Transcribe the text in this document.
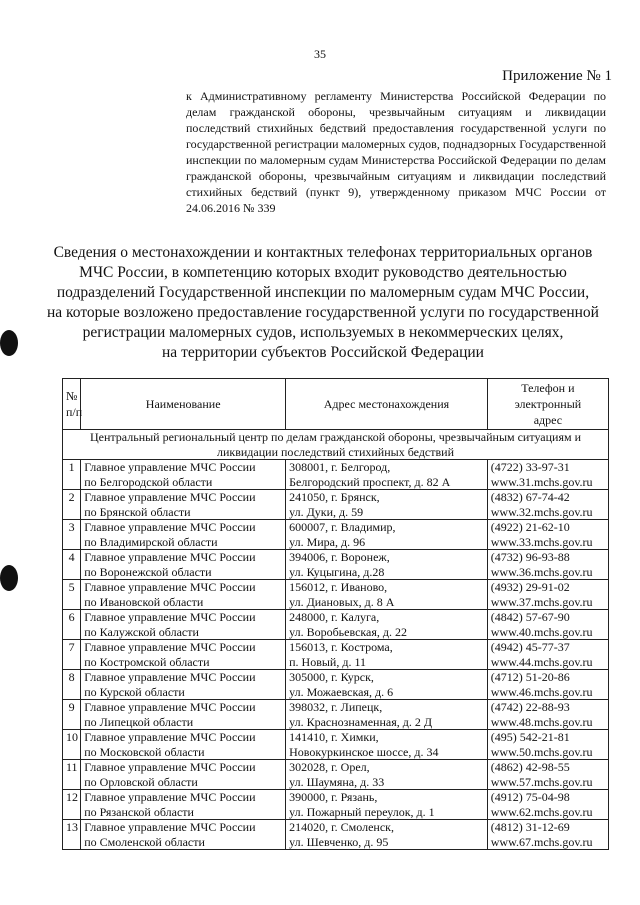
35
Приложение № 1
к Административному регламенту Министерства Российской Федерации по делам гражданской обороны, чрезвычайным ситуациям и ликвидации последствий стихийных бедствий предоставления государственной услуги по государственной регистрации маломерных судов, поднадзорных Государственной инспекции по маломерным судам Министерства Российской Федерации по делам гражданской обороны, чрезвычайным ситуациям и ликвидации последствий стихийных бедствий (пункт 9), утвержденному приказом МЧС России от 24.06.2016 № 339
Сведения о местонахождении и контактных телефонах территориальных органов
МЧС России, в компетенцию которых входит руководство деятельностью
подразделений Государственной инспекции по маломерным судам МЧС России,
на которые возложено предоставление государственной услуги по государственной
регистрации маломерных судов, используемых в некоммерческих целях,
на территории субъектов Российской Федерации
№
п/п	Наименование	Адрес местонахождения	Телефон и
электронный
адрес

Центральный региональный центр по делам гражданской обороны, чрезвычайным ситуациям и
ликвидации последствий стихийных бедствий			

1	Главное управление МЧС России
по Белгородской области	308001, г. Белгород,
Белгородский проспект, д. 82 А	(4722) 33-97-31
www.31.mchs.gov.ru

2	Главное управление МЧС России
по Брянской области	241050, г. Брянск,
ул. Дуки, д. 59	(4832) 67-74-42
www.32.mchs.gov.ru

3	Главное управление МЧС России
по Владимирской области	600007, г. Владимир,
ул. Мира, д. 96	(4922) 21-62-10
www.33.mchs.gov.ru

4	Главное управление МЧС России
по Воронежской области	394006, г. Воронеж,
ул. Куцыгина, д.28	(4732) 96-93-88
www.36.mchs.gov.ru

5	Главное управление МЧС России
по Ивановской области	156012, г. Иваново,
ул. Диановых, д. 8 А	(4932) 29-91-02
www.37.mchs.gov.ru

6	Главное управление МЧС России
по Калужской области	248000, г. Калуга,
ул. Воробьевская, д. 22	(4842) 57-67-90
www.40.mchs.gov.ru

7	Главное управление МЧС России
по Костромской области	156013, г. Кострома,
п. Новый, д. 11	(4942) 45-77-37
www.44.mchs.gov.ru

8	Главное управление МЧС России
по Курской области	305000, г. Курск,
ул. Можаевская, д. 6	(4712) 51-20-86
www.46.mchs.gov.ru

9	Главное управление МЧС России
по Липецкой области	398032, г. Липецк,
ул. Краснознаменная, д. 2 Д	(4742) 22-88-93
www.48.mchs.gov.ru

10	Главное управление МЧС России
по Московской области	141410, г. Химки,
Новокуркинское шоссе, д. 34	(495) 542-21-81
www.50.mchs.gov.ru

11	Главное управление МЧС России
по Орловской области	302028, г. Орел,
ул. Шаумяна, д. 33	(4862) 42-98-55
www.57.mchs.gov.ru

12	Главное управление МЧС России
по Рязанской области	390000, г. Рязань,
ул. Пожарный переулок, д. 1	(4912) 75-04-98
www.62.mchs.gov.ru

13	Главное управление МЧС России
по Смоленской области	214020, г. Смоленск,
ул. Шевченко, д. 95	(4812) 31-12-69
www.67.mchs.gov.ru
